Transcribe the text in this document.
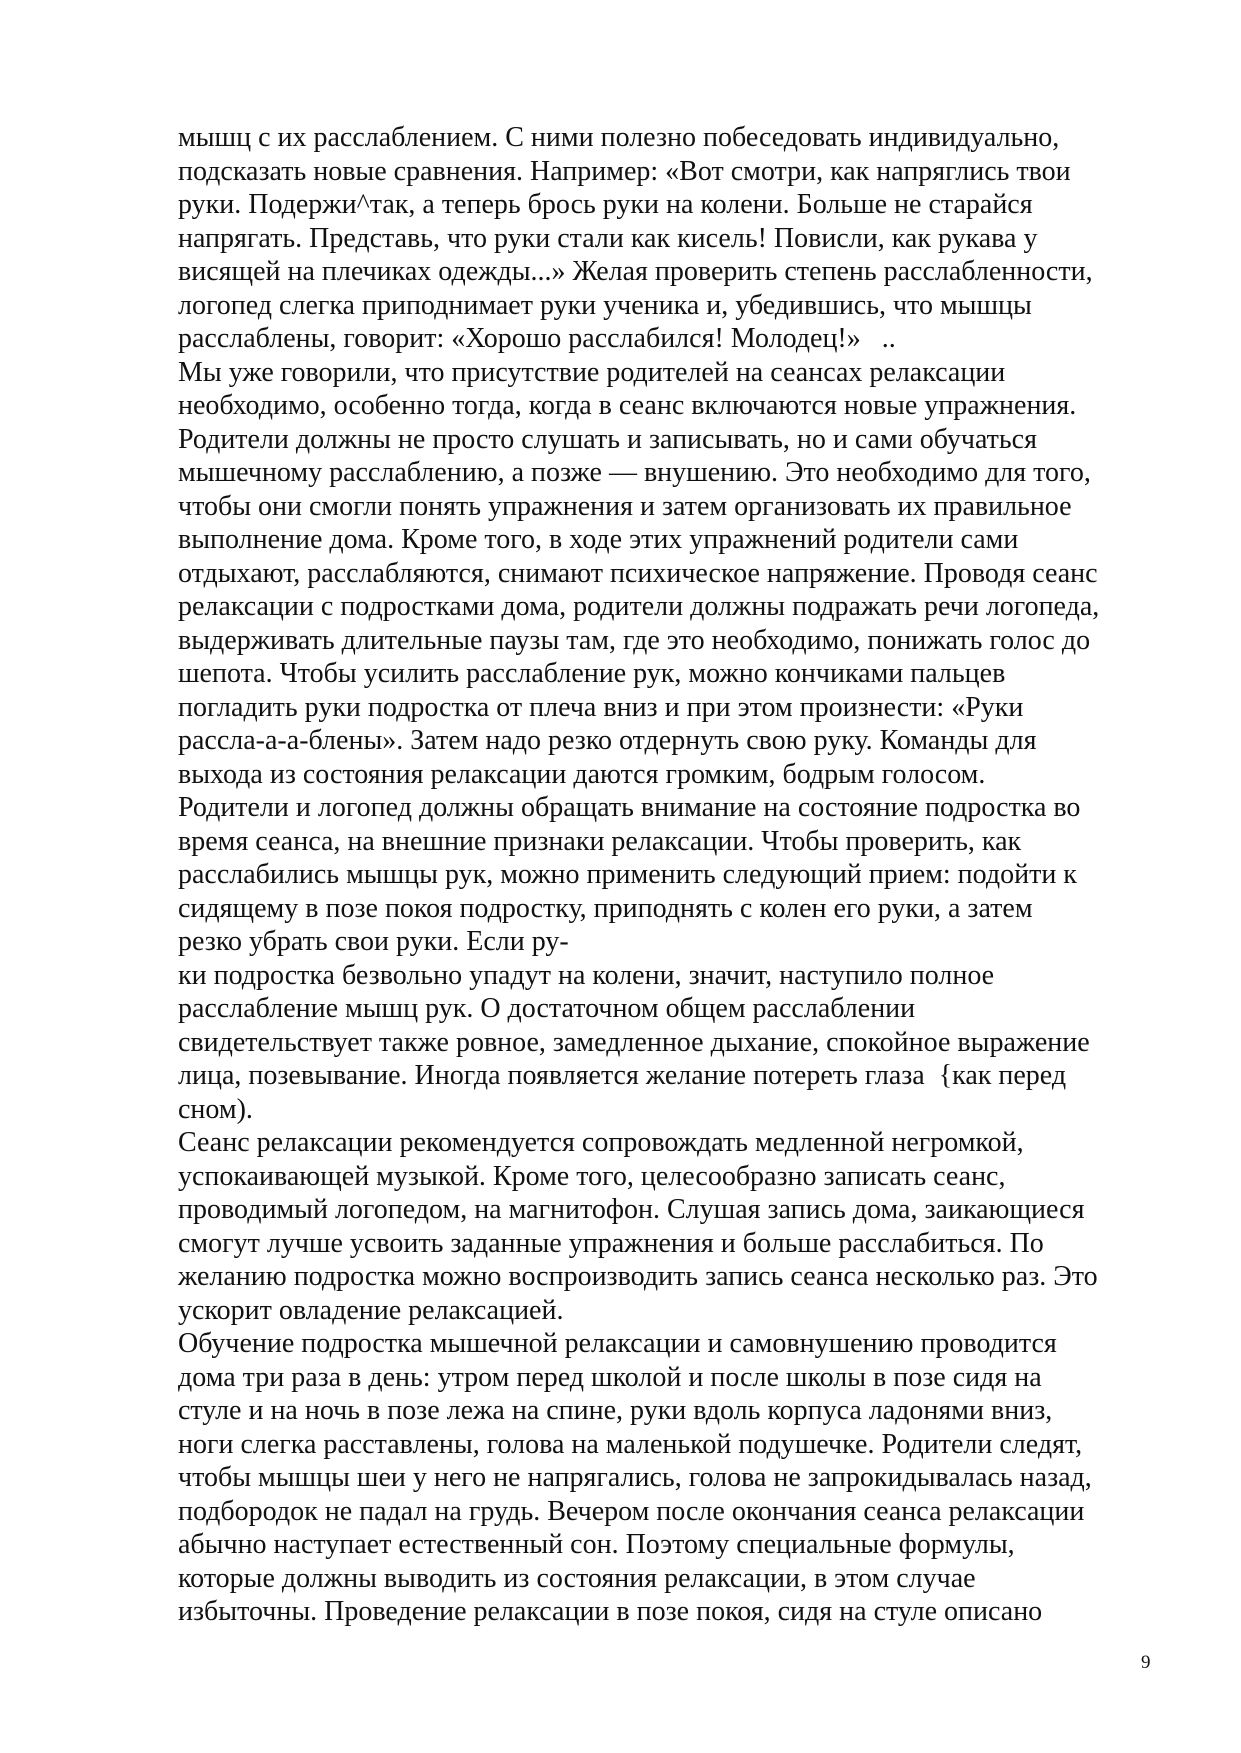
мышц с их расслаблением. С ними полезно побеседовать индивидуально,
подсказать новые сравнения. Например: «Вот смотри, как напряглись твои
руки. Подержи^так, а теперь брось руки на колени. Больше не старайся
напрягать. Представь, что руки стали как кисель! Повисли, как рукава у
висящей на плечиках одежды...» Желая проверить степень расслабленности,
логопед слегка приподнимает руки ученика и, убедившись, что мышцы
расслаблены, говорит: «Хорошо расслабился! Молодец!»   ..
Мы уже говорили, что присутствие родителей на сеансах релаксации
необходимо, особенно тогда, когда в сеанс включаются новые упражнения.
Родители должны не просто слушать и записывать, но и сами обучаться
мышечному расслаблению, а позже — внушению. Это необходимо для того,
чтобы они смогли понять упражнения и затем организовать их правильное
выполнение дома. Кроме того, в ходе этих упражнений родители сами
отдыхают, расслабляются, снимают психическое напряжение. Проводя сеанс
релаксации с подростками дома, родители должны подражать речи логопеда,
выдерживать длительные паузы там, где это необходимо, понижать голос до
шепота. Чтобы усилить расслабление рук, можно кончиками пальцев
погладить руки подростка от плеча вниз и при этом произнести: «Руки
рассла-а-а-блены». Затем надо резко отдернуть свою руку. Команды для
выхода из состояния релаксации даются громким, бодрым голосом.
Родители и логопед должны обращать внимание на состояние подростка во
время сеанса, на внешние признаки релаксации. Чтобы проверить, как
расслабились мышцы рук, можно применить следующий прием: подойти к
сидящему в позе покоя подростку, приподнять с колен его руки, а затем
резко убрать свои руки. Если ру-
ки подростка безвольно упадут на колени, значит, наступило полное
расслабление мышц рук. О достаточном общем расслаблении
свидетельствует также ровное, замедленное дыхание, спокойное выражение
лица, позевывание. Иногда появляется желание потереть глаза  {как перед
сном).
Сеанс релаксации рекомендуется сопровождать медленной негромкой,
успокаивающей музыкой. Кроме того, целесообразно записать сеанс,
проводимый логопедом, на магнитофон. Слушая запись дома, заикающиеся
смогут лучше усвоить заданные упражнения и больше расслабиться. По
желанию подростка можно воспроизводить запись сеанса несколько раз. Это
ускорит овладение релаксацией.
Обучение подростка мышечной релаксации и самовнушению проводится
дома три раза в день: утром перед школой и после школы в позе сидя на
стуле и на ночь в позе лежа на спине, руки вдоль корпуса ладонями вниз,
ноги слегка расставлены, голова на маленькой подушечке. Родители следят,
чтобы мышцы шеи у него не напрягались, голова не запрокидывалась назад,
подбородок не падал на грудь. Вечером после окончания сеанса релаксации
абычно наступает естественный сон. Поэтому специальные формулы,
которые должны выводить из состояния релаксации, в этом случае
избыточны. Проведение релаксации в позе покоя, сидя на стуле описано
9
